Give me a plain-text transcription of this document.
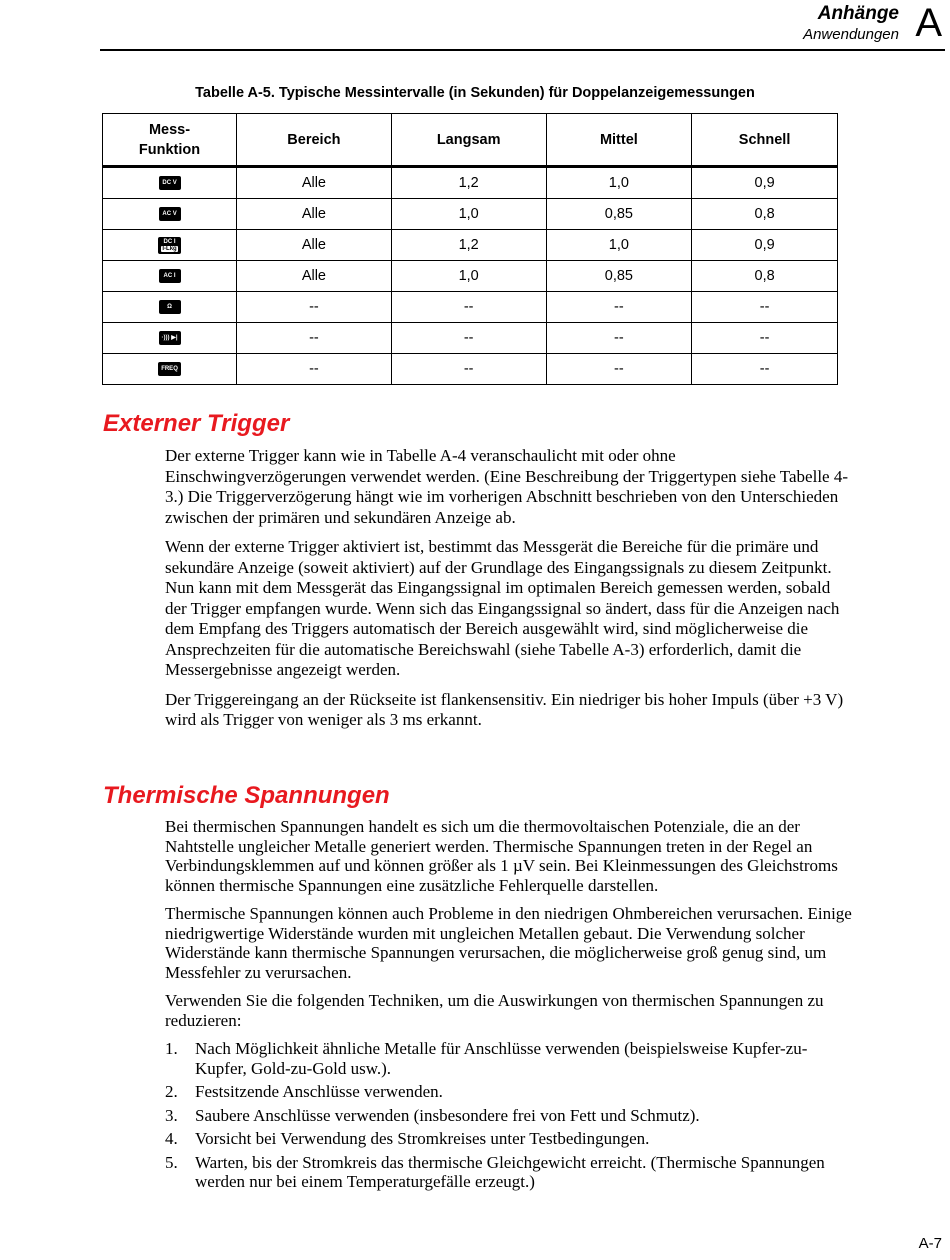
Anhänge
Anwendungen A
Tabelle A-5. Typische Messintervalle (in Sekunden) für Doppelanzeigemessungen
Mess-
Funktion	Bereich	Langsam	Mittel	Schnell
DC V	Alle	1,2	1,0	0,9
AC V	Alle	1,0	0,85	0,8
DC I
I-Lkg	Alle	1,2	1,0	0,9
AC I	Alle	1,0	0,85	0,8
Ω	--	--	--	--
·))) ▶|	--	--	--	--
FREQ	--	--	--	--
Externer Trigger

Der externe Trigger kann wie in Tabelle A-4 veranschaulicht mit oder ohne Einschwingverzögerungen verwendet werden. (Eine Beschreibung der Triggertypen siehe Tabelle 4-3.) Die Triggerverzögerung hängt wie im vorherigen Abschnitt beschrieben von den Unterschieden zwischen der primären und sekundären Anzeige ab.

Wenn der externe Trigger aktiviert ist, bestimmt das Messgerät die Bereiche für die primäre und sekundäre Anzeige (soweit aktiviert) auf der Grundlage des Eingangssignals zu diesem Zeitpunkt. Nun kann mit dem Messgerät das Eingangssignal im optimalen Bereich gemessen werden, sobald der Trigger empfangen wurde. Wenn sich das Eingangssignal so ändert, dass für die Anzeigen nach dem Empfang des Triggers automatisch der Bereich ausgewählt wird, sind möglicherweise die Ansprechzeiten für die automatische Bereichswahl (siehe Tabelle A-3) erforderlich, damit die Messergebnisse angezeigt werden.

Der Triggereingang an der Rückseite ist flankensensitiv. Ein niedriger bis hoher Impuls (über +3 V) wird als Trigger von weniger als 3 ms erkannt.

Thermische Spannungen

Bei thermischen Spannungen handelt es sich um die thermovoltaischen Potenziale, die an der Nahtstelle ungleicher Metalle generiert werden. Thermische Spannungen treten in der Regel an Verbindungsklemmen auf und können größer als 1 µV sein. Bei Kleinmessungen des Gleichstroms können thermische Spannungen eine zusätzliche Fehlerquelle darstellen.

Thermische Spannungen können auch Probleme in den niedrigen Ohmbereichen verursachen. Einige niedrigwertige Widerstände wurden mit ungleichen Metallen gebaut. Die Verwendung solcher Widerstände kann thermische Spannungen verursachen, die möglicherweise groß genug sind, um Messfehler zu verursachen.

Verwenden Sie die folgenden Techniken, um die Auswirkungen von thermischen Spannungen zu reduzieren:

1. Nach Möglichkeit ähnliche Metalle für Anschlüsse verwenden (beispielsweise Kupfer-zu-Kupfer, Gold-zu-Gold usw.).
2. Festsitzende Anschlüsse verwenden.
3. Saubere Anschlüsse verwenden (insbesondere frei von Fett und Schmutz).
4. Vorsicht bei Verwendung des Stromkreises unter Testbedingungen.
5. Warten, bis der Stromkreis das thermische Gleichgewicht erreicht. (Thermische Spannungen werden nur bei einem Temperaturgefälle erzeugt.)
A-7
